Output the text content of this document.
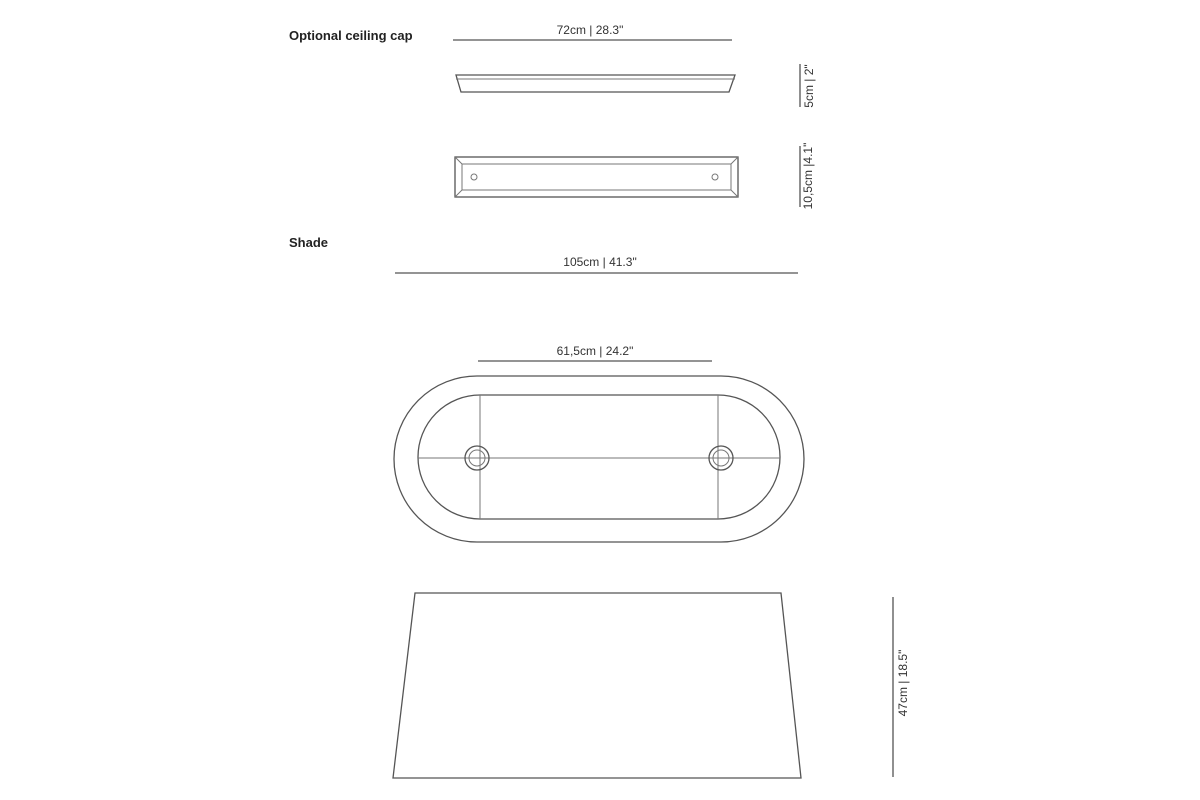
Optional ceiling cap
Shade
72cm | 28.3"
105cm | 41.3"
61,5cm | 24.2"
5cm | 2"
10,5cm |4.1"
47cm | 18.5"
